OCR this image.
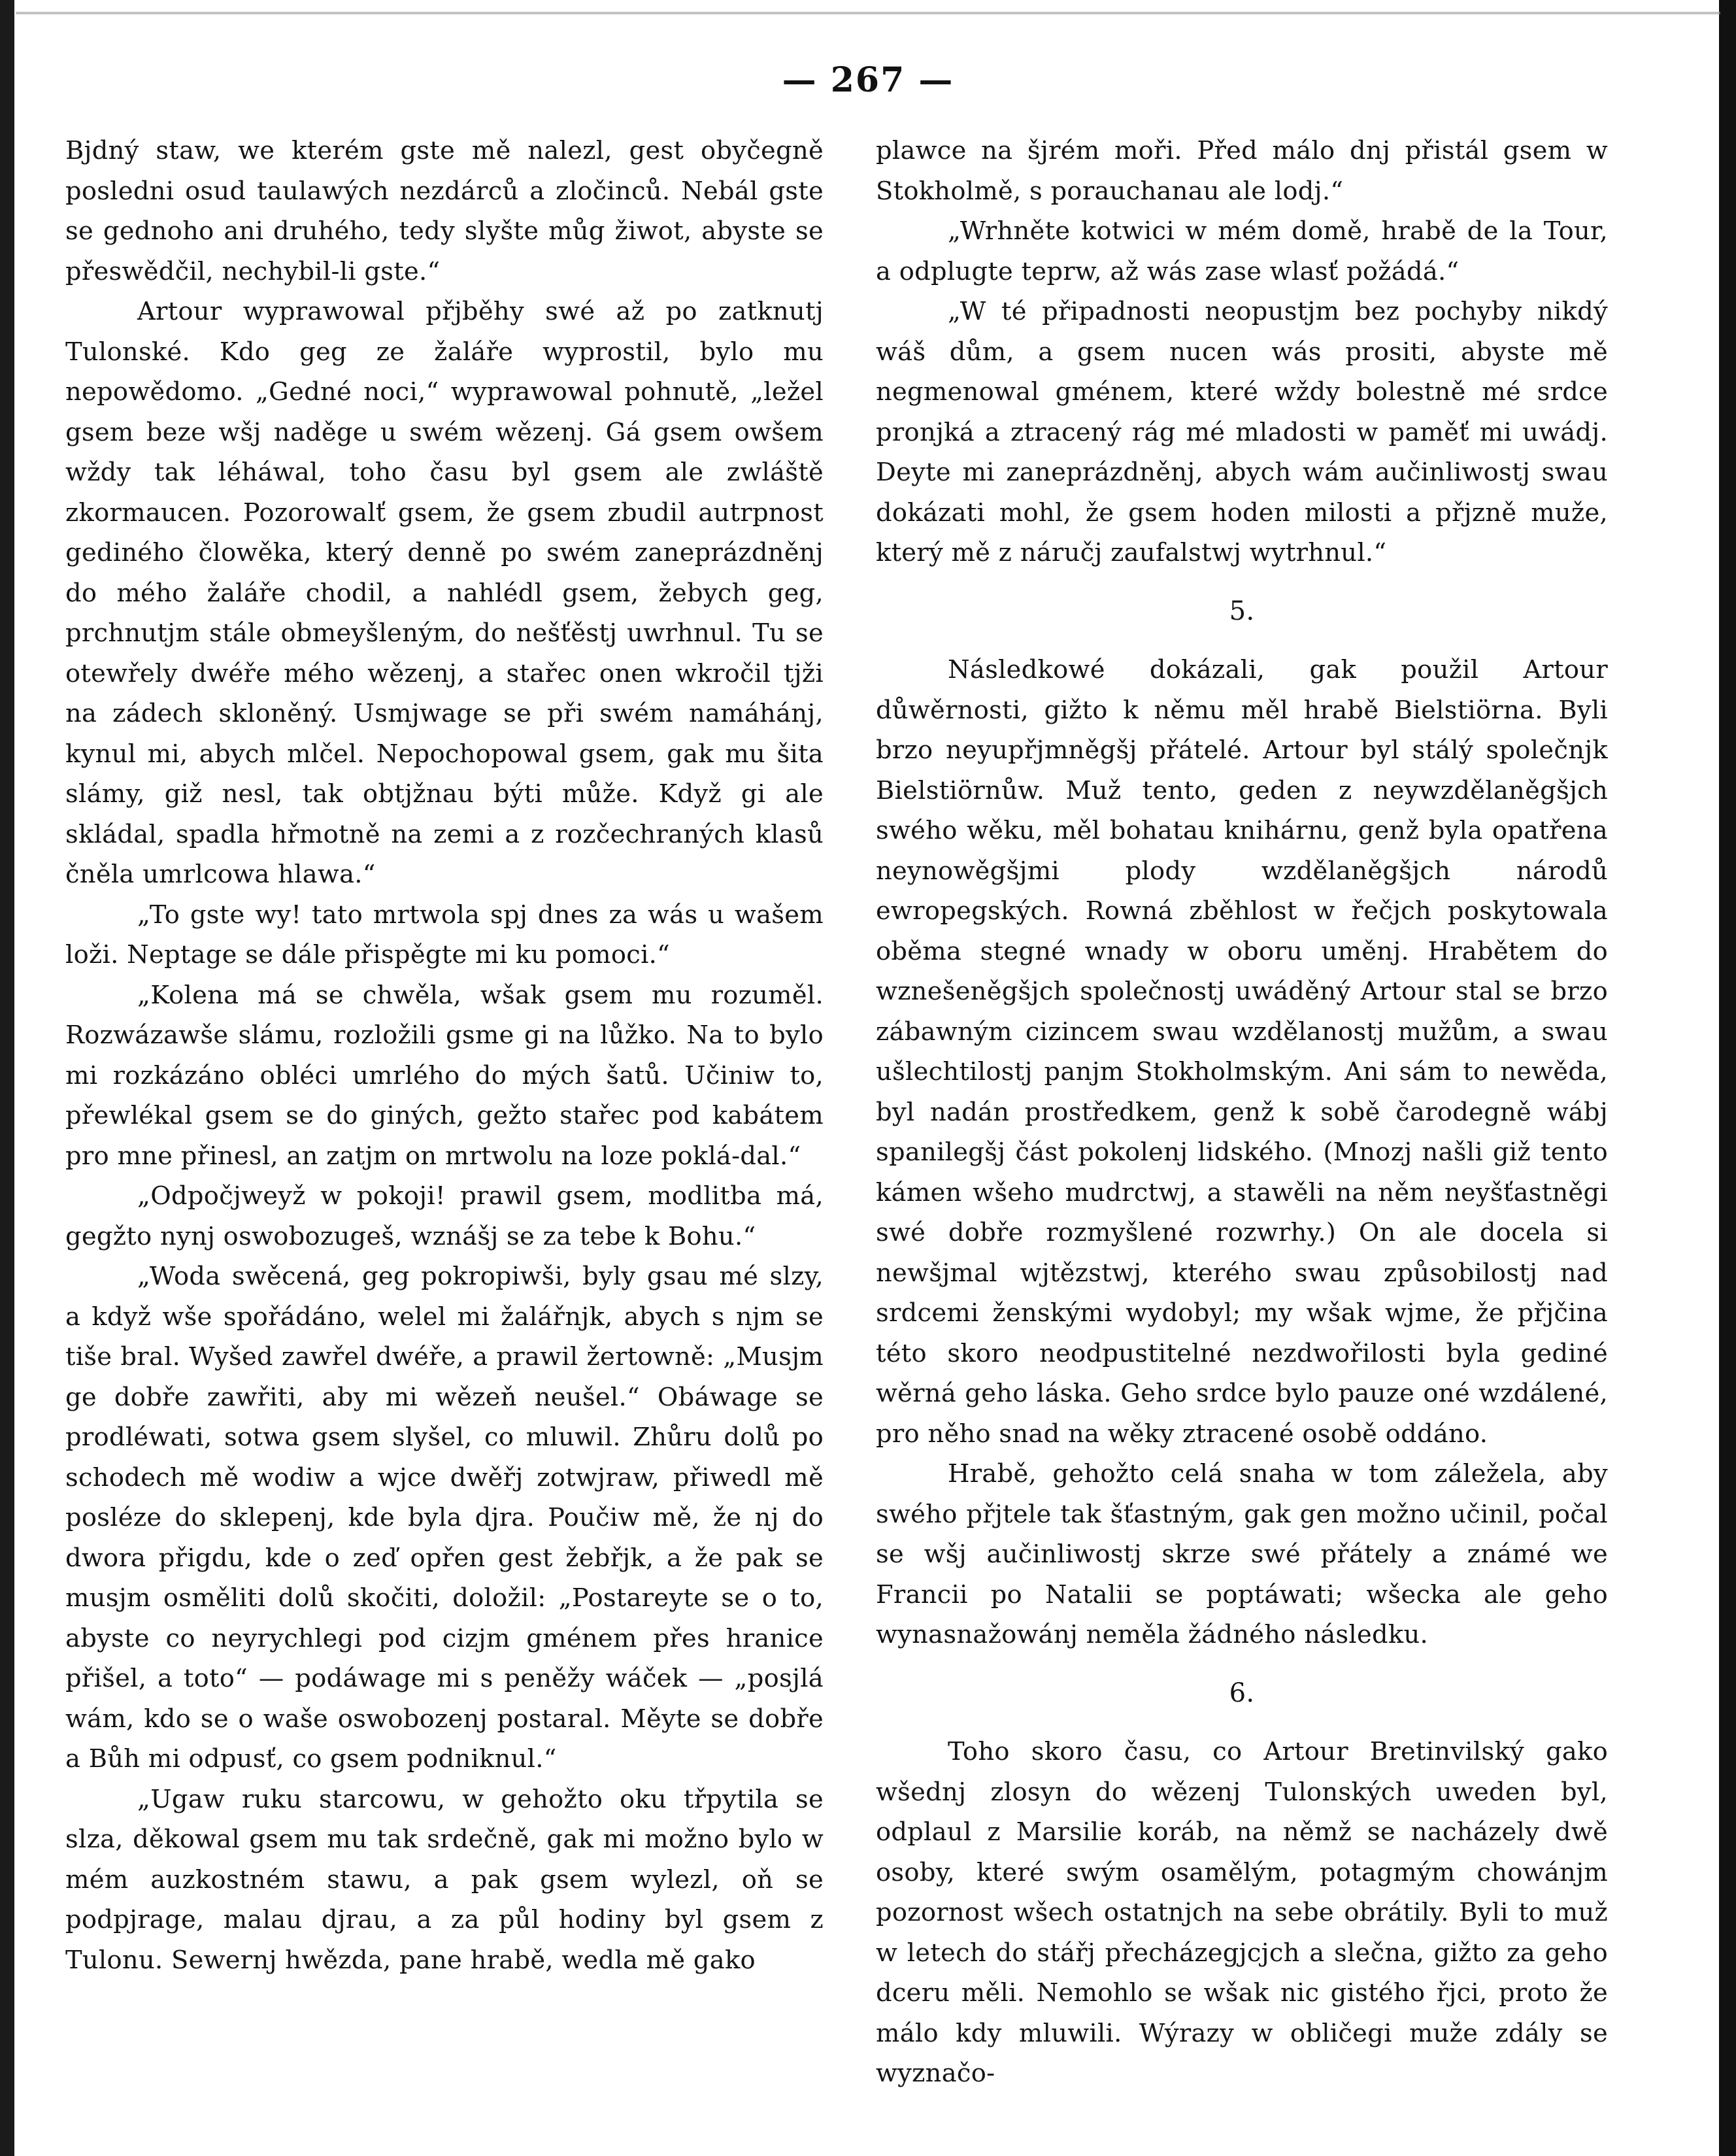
— 267 —

Bjdný staw, we kterém gste mě nalezl, gest obyčegně posledni osud taulawých nezdárců a zločinců. Nebál gste se gednoho ani druhého, tedy slyšte můg žiwot, abyste se přeswědčil, nechybil-li gste.“

Artour wyprawowal přjběhy swé až po zatknutj Tulonské. Kdo geg ze žaláře wyprostil, bylo mu nepowědomo. „Gedné noci,“ wyprawowal pohnutě, „ležel gsem beze wšj naděge u swém wězenj. Gá gsem owšem wždy tak léháwal, toho času byl gsem ale zwláště zkormaucen. Pozorowalť gsem, že gsem zbudil autrpnost gediného člowěka, který denně po swém zaneprázdněnj do mého žaláře chodil, a nahlédl gsem, žebych geg, prchnutjm stále obmeyšleným, do nešťěstj uwrhnul. Tu se otewřely dwéře mého wězenj, a stařec onen wkročil tjži na zádech skloněný. Usmjwage se při swém namáhánj, kynul mi, abych mlčel. Nepochopowal gsem, gak mu šita slámy, giž nesl, tak obtjžnau býti může. Když gi ale skládal, spadla hřmotně na zemi a z rozčechraných klasů čněla umrlcowa hlawa.“

„To gste wy! tato mrtwola spj dnes za wás u wašem loži. Neptage se dále přispěgte mi ku pomoci.“

„Kolena má se chwěla, wšak gsem mu rozuměl. Rozwázawše slámu, rozložili gsme gi na lůžko. Na to bylo mi rozkázáno obléci umrlého do mých šatů. Učiniw to, přewlékal gsem se do giných, gežto stařec pod kabátem pro mne přinesl, an zatjm on mrtwolu na loze poklá-dal.“

„Odpočjweyž w pokoji! prawil gsem, modlitba má, gegžto nynj oswobozugeš, wznášj se za tebe k Bohu.“

„Woda swěcená, geg pokropiwši, byly gsau mé slzy, a když wše spořádáno, welel mi žalářnjk, abych s njm se tiše bral. Wyšed zawřel dwéře, a prawil žertowně: „Musjm ge dobře zawřiti, aby mi wězeň neušel.“ Obáwage se prodléwati, sotwa gsem slyšel, co mluwil. Zhůru dolů po schodech mě wodiw a wjce dwěřj zotwjraw, přiwedl mě posléze do sklepenj, kde byla djra. Poučiw mě, že nj do dwora přigdu, kde o zeď opřen gest žebřjk, a že pak se musjm osměliti dolů skočiti, doložil: „Postareyte se o to, abyste co neyrychlegi pod cizjm gménem přes hranice přišel, a toto“ — podáwage mi s peněžy wáček — „posjlá wám, kdo se o waše oswobozenj postaral. Měyte se dobře a Bůh mi odpusť, co gsem podniknul.“

„Ugaw ruku starcowu, w gehožto oku třpytila se slza, děkowal gsem mu tak srdečně, gak mi možno bylo w mém auzkostném stawu, a pak gsem wylezl, oň se podpjrage, malau djrau, a za půl hodiny byl gsem z Tulonu. Sewernj hwězda, pane hrabě, wedla mě gako

plawce na šjrém moři. Před málo dnj přistál gsem w Stokholmě, s porauchanau ale lodj.“

„Wrhněte kotwici w mém domě, hrabě de la Tour, a odplugte teprw, až wás zase wlasť požádá.“

„W té připadnosti neopustjm bez pochyby nikdý wáš dům, a gsem nucen wás prositi, abyste mě negmenowal gménem, které wždy bolestně mé srdce pronjká a ztracený rág mé mladosti w paměť mi uwádj. Deyte mi zaneprázdněnj, abych wám aučinliwostj swau dokázati mohl, že gsem hoden milosti a přjzně muže, který mě z náručj zaufalstwj wytrhnul.“

5.

Následkowé dokázali, gak použil Artour důwěrnosti, gižto k němu měl hrabě Bielstiörna. Byli brzo neyupřjmněgšj přátelé. Artour byl stálý společnjk Bielstiörnůw. Muž tento, geden z neywzdělaněgšjch swého wěku, měl bohatau knihárnu, genž byla opatřena neynowěgšjmi plody wzdělaněgšjch národů ewropegských. Rowná zběhlost w řečjch poskytowala oběma stegné wnady w oboru uměnj. Hrabětem do wznešeněgšjch společnostj uwáděný Artour stal se brzo zábawným cizincem swau wzdělanostj mužům, a swau ušlechtilostj panjm Stokholmským. Ani sám to newěda, byl nadán prostředkem, genž k sobě čarodegně wábj spanilegšj část pokolenj lidského. (Mnozj našli giž tento kámen wšeho mudrctwj, a stawěli na něm neyšťastněgi swé dobře rozmyšlené rozwrhy.) On ale docela si newšjmal wjtězstwj, kterého swau způsobilostj nad srdcemi ženskými wydobyl; my wšak wjme, že přjčina této skoro neodpustitelné nezdwořilosti byla gediné wěrná geho láska. Geho srdce bylo pauze oné wzdálené, pro něho snad na wěky ztracené osobě oddáno.

Hrabě, gehožto celá snaha w tom záležela, aby swého přjtele tak šťastným, gak gen možno učinil, počal se wšj aučinliwostj skrze swé přátely a známé we Francii po Natalii se poptáwati; wšecka ale geho wynasnažowánj neměla žádného následku.

6.

Toho skoro času, co Artour Bretinvilský gako wšednj zlosyn do wězenj Tulonských uweden byl, odplaul z Marsilie koráb, na němž se nacházely dwě osoby, které swým osamělým, potagmým chowánjm pozornost wšech ostatnjch na sebe obrátily. Byli to muž w letech do stářj přecházegjcjch a slečna, gižto za geho dceru měli. Nemohlo se wšak nic gistého řjci, proto že málo kdy mluwili. Wýrazy w obličegi muže zdály se wyznačo-
